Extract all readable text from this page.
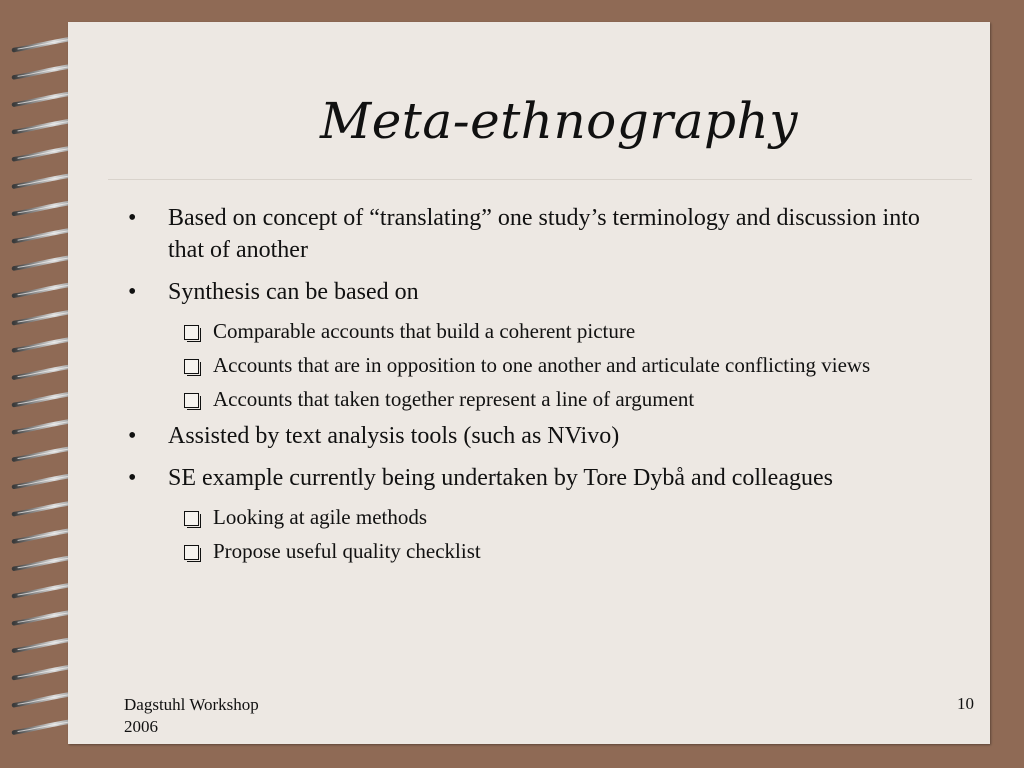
Meta-ethnography
• Based on concept of “translating” one study’s terminology and discussion into that of another
• Synthesis can be based on
Comparable accounts that build a coherent picture
Accounts that are in opposition to one another and articulate conflicting views
Accounts that taken together represent a line of argument
• Assisted by text analysis tools (such as NVivo)
• SE example currently being undertaken by Tore Dybå and colleagues
Looking at agile methods
Propose useful quality checklist
Dagstuhl Workshop
2006
10
